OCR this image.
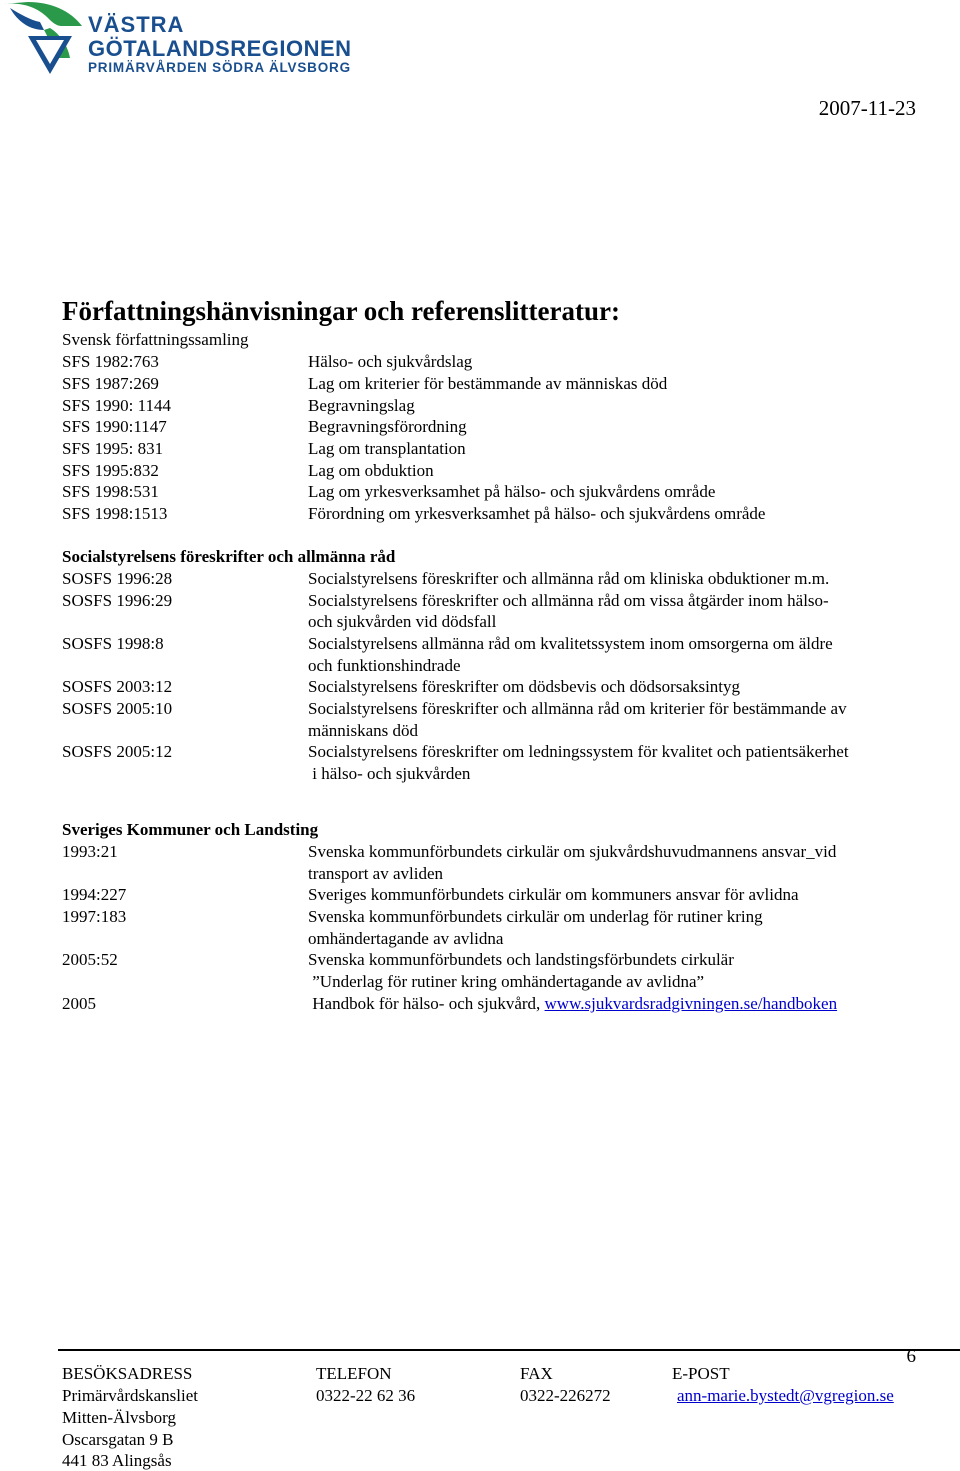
VÄSTRA
GÖTALANDSREGIONEN
PRIMÄRVÅRDEN SÖDRA ÄLVSBORG
2007-11-23
Författningshänvisningar och referenslitteratur:
Svensk författningssamling
SFS 1982:763	Hälso- och sjukvårdslag
SFS 1987:269	Lag om kriterier för bestämmande av människas död
SFS 1990: 1144	Begravningslag
SFS 1990:1147	Begravningsförordning
SFS 1995: 831	Lag om transplantation
SFS 1995:832	Lag om obduktion
SFS 1998:531	Lag om yrkesverksamhet på hälso- och sjukvårdens område
SFS 1998:1513	Förordning om yrkesverksamhet på hälso- och sjukvårdens område
Socialstyrelsens föreskrifter och allmänna råd
SOSFS 1996:28	Socialstyrelsens föreskrifter och allmänna råd om kliniska obduktioner m.m.
SOSFS 1996:29	Socialstyrelsens föreskrifter och allmänna råd om vissa åtgärder inom hälso-
och sjukvården vid dödsfall
SOSFS 1998:8	Socialstyrelsens allmänna råd om kvalitetssystem inom omsorgerna om äldre
och funktionshindrade
SOSFS 2003:12	Socialstyrelsens föreskrifter om dödsbevis och dödsorsaksintyg
SOSFS 2005:10	Socialstyrelsens föreskrifter och allmänna råd om kriterier för bestämmande av
människans död
SOSFS 2005:12	Socialstyrelsens föreskrifter om ledningssystem för kvalitet och patientsäkerhet
i hälso- och sjukvården
Sveriges Kommuner och Landsting
1993:21	Svenska kommunförbundets cirkulär om sjukvårdshuvudmannens ansvar_vid
transport av avliden
1994:227	Sveriges kommunförbundets cirkulär om kommuners ansvar för avlidna
1997:183	Svenska kommunförbundets cirkulär om underlag för rutiner kring
omhändertagande av avlidna
2005:52	Svenska kommunförbundets och landstingsförbundets cirkulär
”Underlag för rutiner kring omhändertagande av avlidna”
2005	Handbok för hälso- och sjukvård, www.sjukvardsradgivningen.se/handboken
6
BESÖKSADRESS	TELEFON	FAX	E-POST
Primärvårdskansliet	0322-22 62 36	0322-226272	ann-marie.bystedt@vgregion.se
Mitten-Älvsborg
Oscarsgatan 9 B
441 83 Alingsås
